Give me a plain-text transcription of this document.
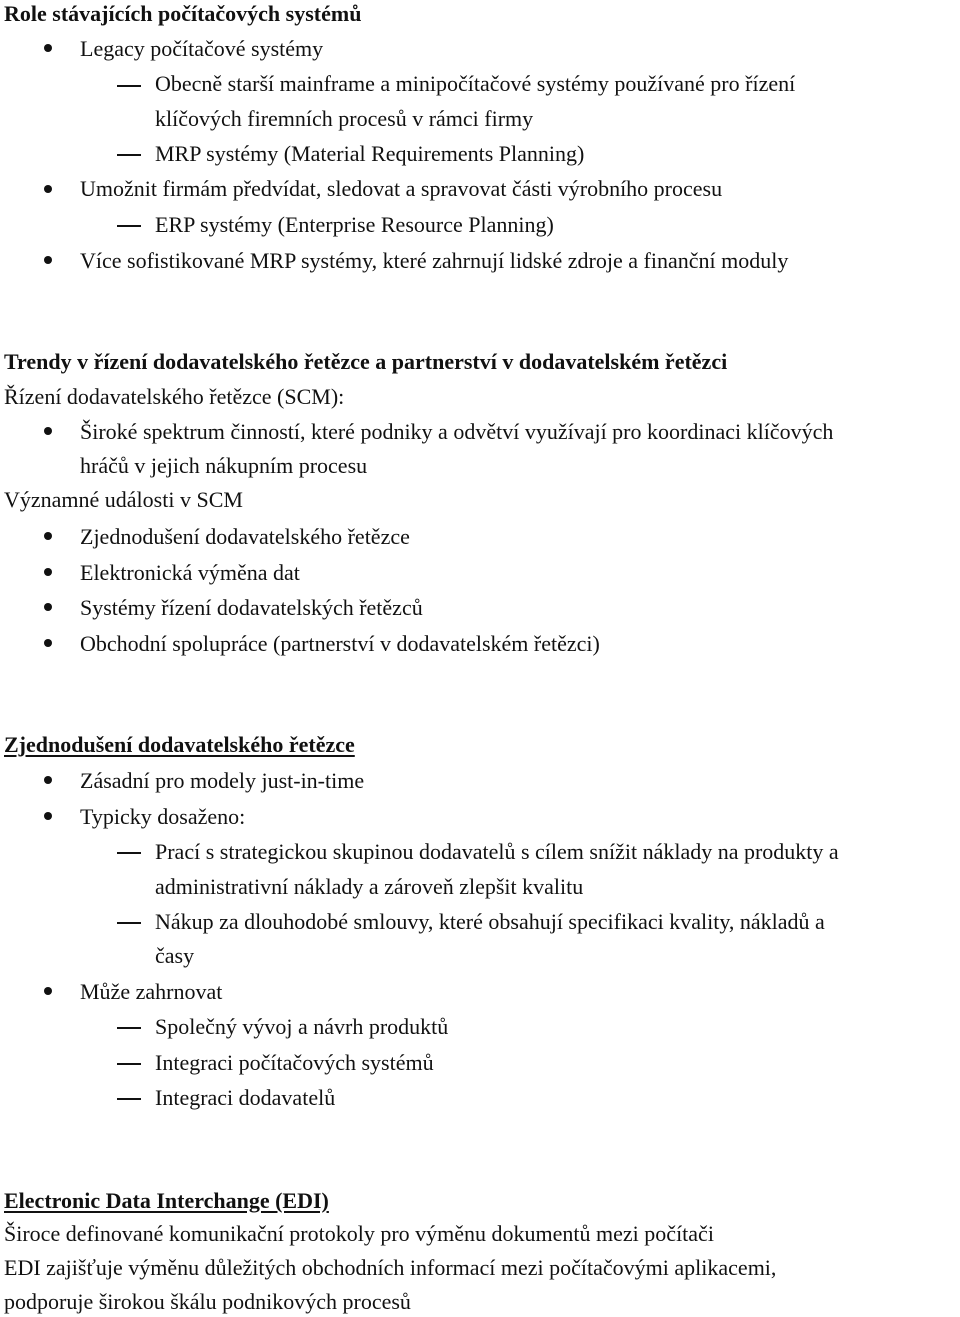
Role stávajících počítačových systémů
Legacy počítačové systémy
Obecně starší mainframe a minipočítačové systémy používané pro řízení
klíčových firemních procesů v rámci firmy
MRP systémy (Material Requirements Planning)
Umožnit firmám předvídat, sledovat a spravovat části výrobního procesu
ERP systémy (Enterprise Resource Planning)
Více sofistikované MRP systémy, které zahrnují lidské zdroje a finanční moduly
Trendy v řízení dodavatelského řetězce a partnerství v dodavatelském řetězci
Řízení dodavatelského řetězce (SCM):
Široké spektrum činností, které podniky a odvětví využívají pro koordinaci klíčových
hráčů v jejich nákupním procesu
Významné události v SCM
Zjednodušení dodavatelského řetězce
Elektronická výměna dat
Systémy řízení dodavatelských řetězců
Obchodní spolupráce (partnerství v dodavatelském řetězci)
Zjednodušení dodavatelského řetězce
Zásadní pro modely just-in-time
Typicky dosaženo:
Prací s strategickou skupinou dodavatelů s cílem snížit náklady na produkty a
administrativní náklady a zároveň zlepšit kvalitu
Nákup za dlouhodobé smlouvy, které obsahují specifikaci kvality, nákladů a
časy
Může zahrnovat
Společný vývoj a návrh produktů
Integraci počítačových systémů
Integraci dodavatelů
Electronic Data Interchange (EDI)
Široce definované komunikační protokoly pro výměnu dokumentů mezi počítači
EDI zajišťuje výměnu důležitých obchodních informací mezi počítačovými aplikacemi,
podporuje širokou škálu podnikových procesů
